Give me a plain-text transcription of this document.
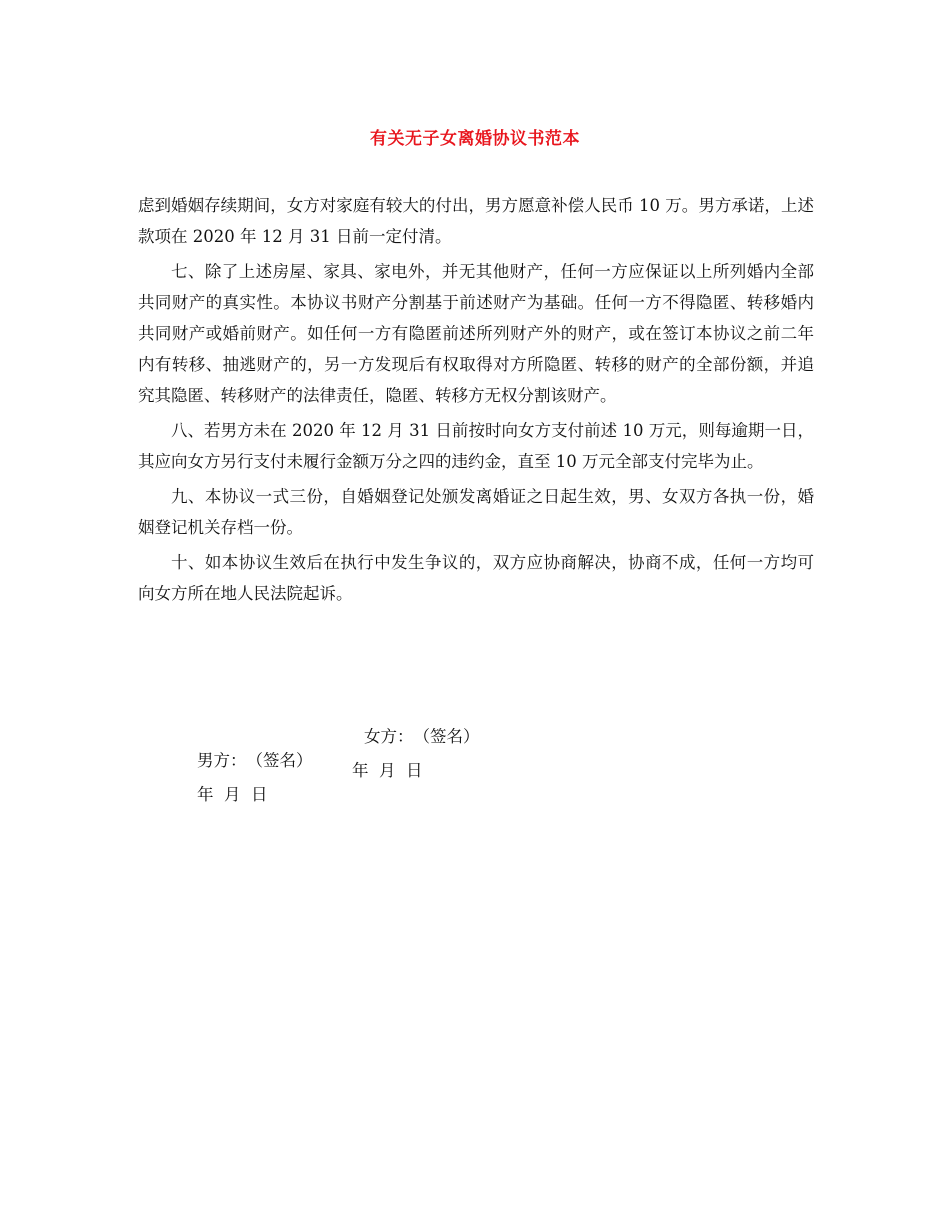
有关无子女离婚协议书范本

虑到婚姻存续期间，女方对家庭有较大的付出，男方愿意补偿人民币 10 万。男方承诺，上述款项在 2020 年 12 月 31 日前一定付清。

七、除了上述房屋、家具、家电外，并无其他财产，任何一方应保证以上所列婚内全部共同财产的真实性。本协议书财产分割基于前述财产为基础。任何一方不得隐匿、转移婚内共同财产或婚前财产。如任何一方有隐匿前述所列财产外的财产，或在签订本协议之前二年内有转移、抽逃财产的，另一方发现后有权取得对方所隐匿、转移的财产的全部份额，并追究其隐匿、转移财产的法律责任，隐匿、转移方无权分割该财产。

八、若男方未在 2020 年 12 月 31 日前按时向女方支付前述 10 万元，则每逾期一日，其应向女方另行支付未履行金额万分之四的违约金，直至 10 万元全部支付完毕为止。

九、本协议一式三份，自婚姻登记处颁发离婚证之日起生效，男、女双方各执一份，婚姻登记机关存档一份。

十、如本协议生效后在执行中发生争议的，双方应协商解决，协商不成，任何一方均可向女方所在地人民法院起诉。

男方：　（签名）

女方：　（签名）

年  月  日

年  月  日
